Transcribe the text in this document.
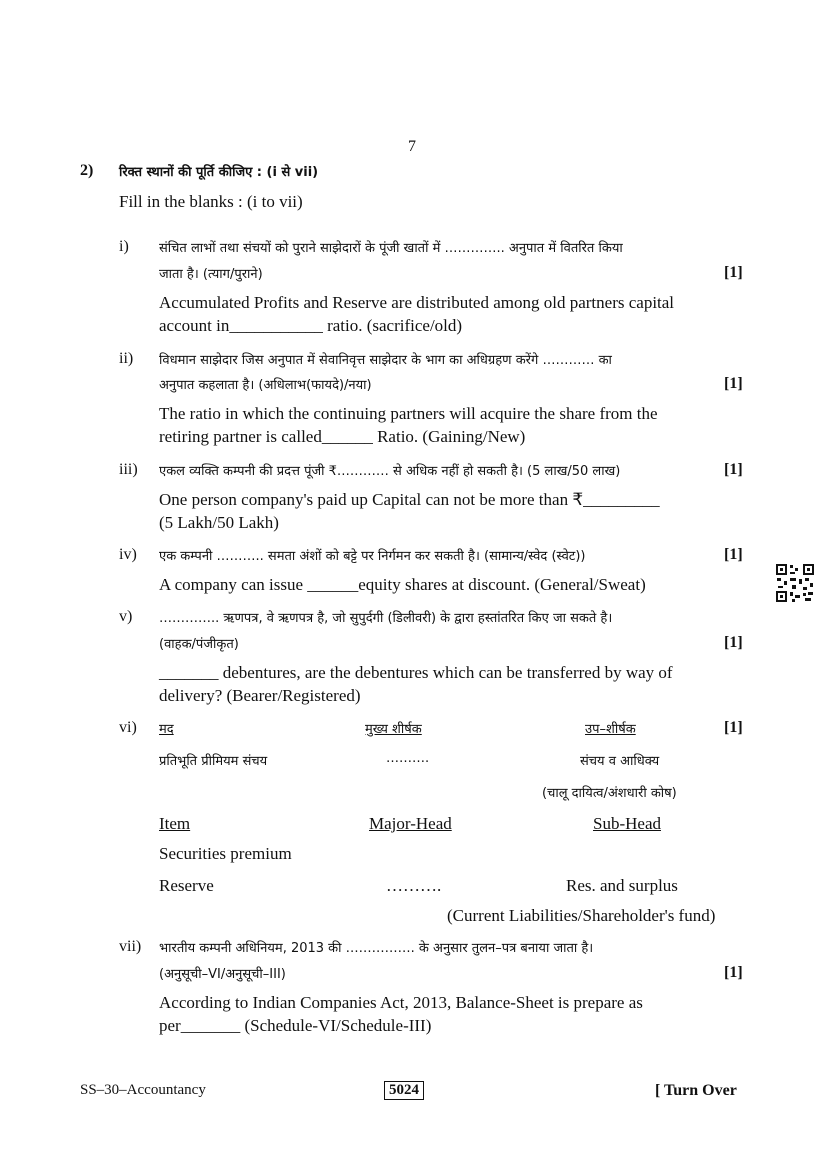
7
2) रिक्त स्थानों की पूर्ति कीजिए : (i से vii)
Fill in the blanks : (i to vii)
i) संचित लाभों तथा संचयों को पुराने साझेदारों के पूंजी खातों में ………….. अनुपात में वितरित किया
जाता है। (त्याग/पुराने)	[1]
Accumulated Profits and Reserve are distributed among old partners capital
account in___________ ratio. (sacrifice/old)
ii) विधमान साझेदार जिस अनुपात में सेवानिवृत्त साझेदार के भाग का अधिग्रहण करेंगे ………… का
अनुपात कहलाता है। (अधिलाभ(फायदे)/नया)	[1]
The ratio in which the continuing partners will acquire the share from the
retiring partner is called______ Ratio. (Gaining/New)
iii) एकल व्यक्ति कम्पनी की प्रदत्त पूंजी ₹………… से अधिक नहीं हो सकती है। (5 लाख/50 लाख)	[1]
One person company's paid up Capital can not be more than ₹_________
(5 Lakh/50 Lakh)
iv) एक कम्पनी ……….. समता अंशों को बट्टे पर निर्गमन कर सकती है। (सामान्य/स्वेद (स्वेट))	[1]
A company can issue ______equity shares at discount. (General/Sweat)
v) ………….. ऋणपत्र, वे ऋणपत्र है, जो सुपुर्दगी (डिलीवरी) के द्वारा हस्तांतरित किए जा सकते है।
(वाहक/पंजीकृत)	[1]
_______ debentures, are the debentures which can be transferred by way of
delivery? (Bearer/Registered)
vi) मद	मुख्य शीर्षक	उप–शीर्षक	[1]
प्रतिभूति प्रीमियम संचय	……….	संचय व आधिक्य
(चालू दायित्व/अंशधारी कोष)
Item	Major-Head	Sub-Head
Securities premium
Reserve	……….	Res. and surplus
(Current Liabilities/Shareholder's fund)
vii) भारतीय कम्पनी अधिनियम, 2013 की ……………. के अनुसार तुलन–पत्र बनाया जाता है।
(अनुसूची–VI/अनुसूची–III)	[1]
According to Indian Companies Act, 2013, Balance-Sheet is prepare as
per_______ (Schedule-VI/Schedule-III)
SS–30–Accountancy	5024	[ Turn Over
